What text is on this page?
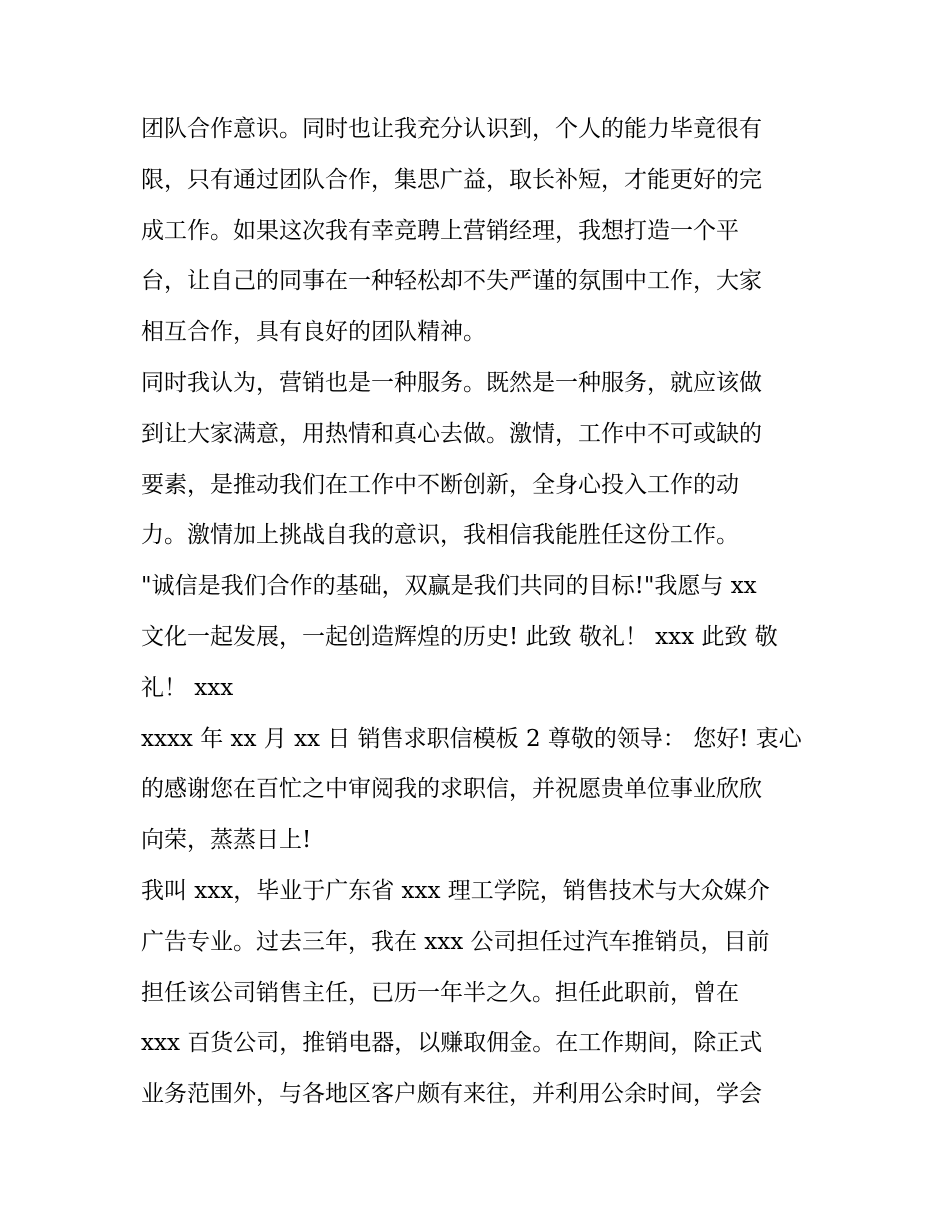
团队合作意识。同时也让我充分认识到，个人的能力毕竟很有
限，只有通过团队合作，集思广益，取长补短，才能更好的完
成工作。如果这次我有幸竞聘上营销经理，我想打造一个平
台，让自己的同事在一种轻松却不失严谨的氛围中工作，大家
相互合作，具有良好的团队精神。
同时我认为，营销也是一种服务。既然是一种服务，就应该做
到让大家满意，用热情和真心去做。激情，工作中不可或缺的
要素，是推动我们在工作中不断创新，全身心投入工作的动
力。激情加上挑战自我的意识，我相信我能胜任这份工作。
"诚信是我们合作的基础，双赢是我们共同的目标!"我愿与 xx
文化一起发展，一起创造辉煌的历史! 此致 敬礼！ xxx 此致 敬
礼！ xxx
xxxx 年 xx 月 xx 日 销售求职信模板 2 尊敬的领导： 您好! 衷心
的感谢您在百忙之中审阅我的求职信，并祝愿贵单位事业欣欣
向荣，蒸蒸日上!
我叫 xxx，毕业于广东省 xxx 理工学院，销售技术与大众媒介
广告专业。过去三年，我在 xxx 公司担任过汽车推销员，目前
担任该公司销售主任，已历一年半之久。担任此职前，曾在
xxx 百货公司，推销电器，以赚取佣金。在工作期间，除正式
业务范围外，与各地区客户颇有来往，并利用公余时间，学会
